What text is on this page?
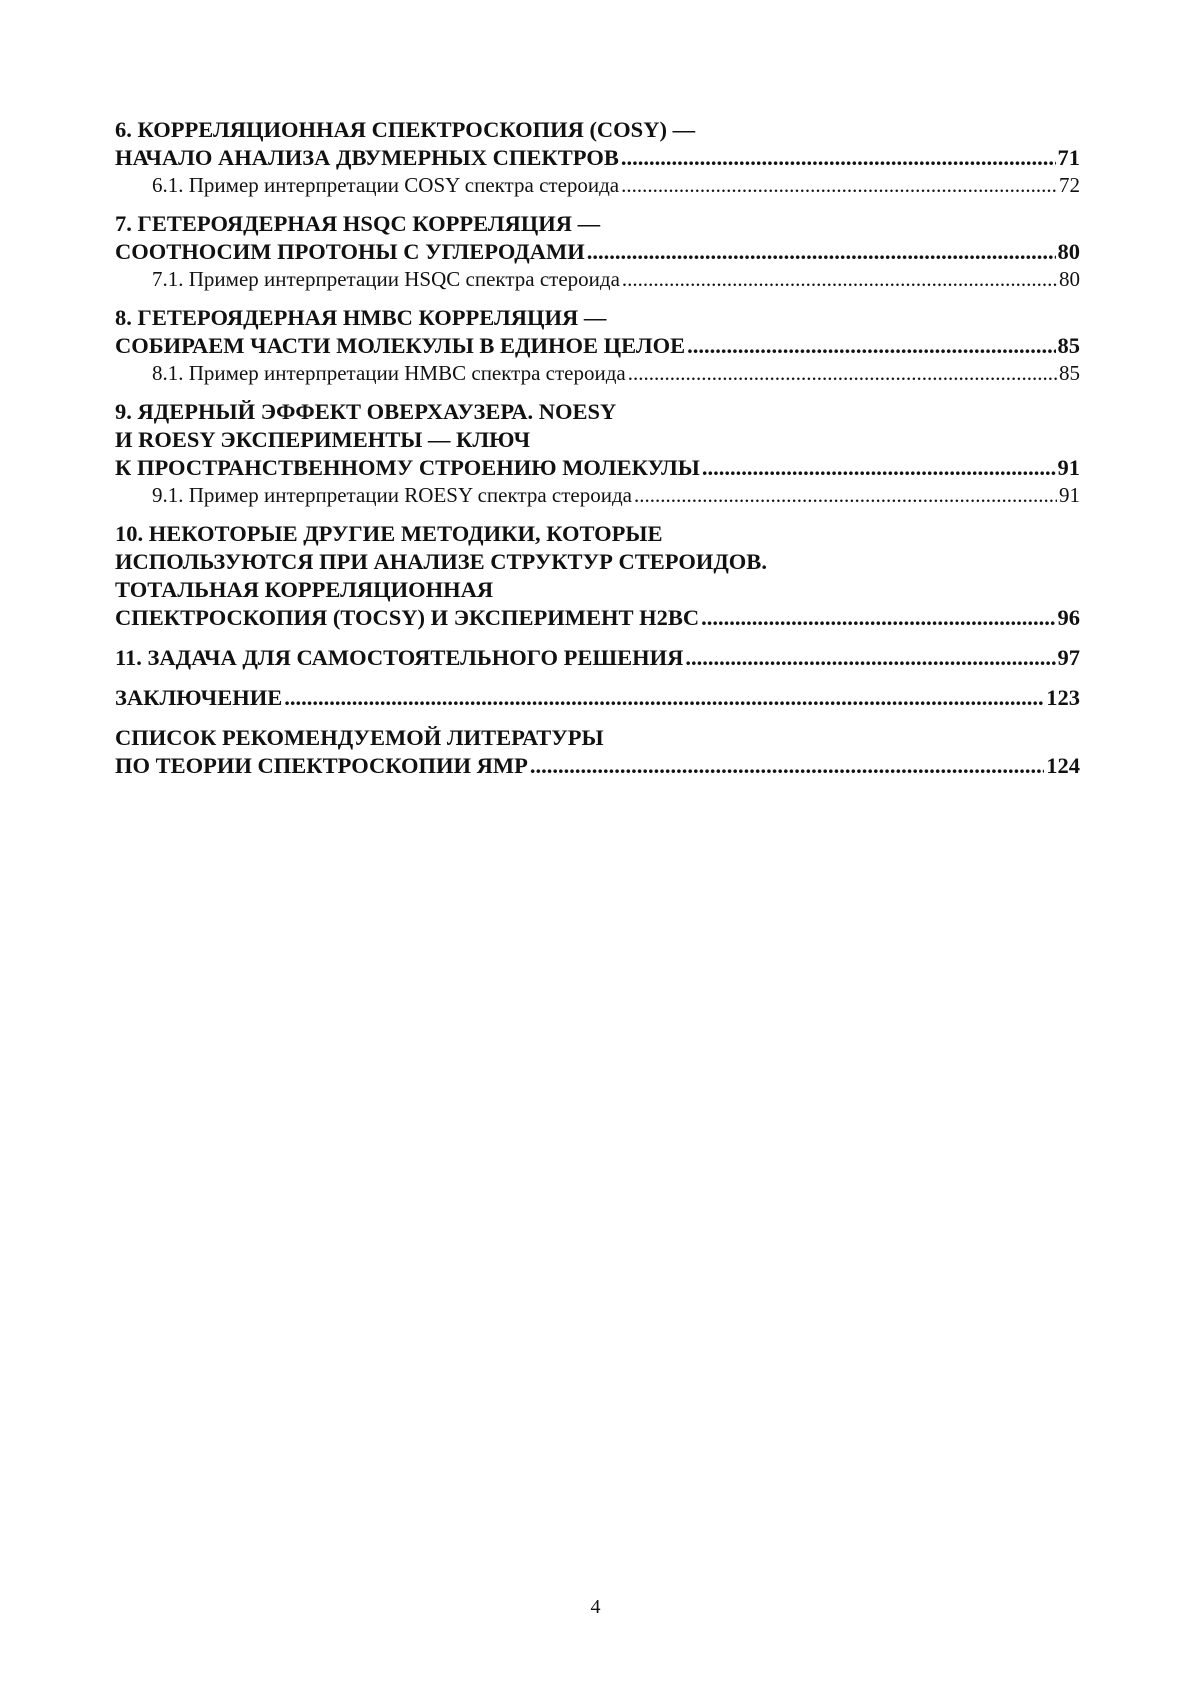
6. КОРРЕЛЯЦИОННАЯ СПЕКТРОСКОПИЯ (COSY) —
НАЧАЛО АНАЛИЗА ДВУМЕРНЫХ СПЕКТРОВ .....	71
6.1. Пример интерпретации COSY спектра стероида .....	72
7. ГЕТЕРОЯДЕРНАЯ HSQC КОРРЕЛЯЦИЯ —
СООТНОСИМ ПРОТОНЫ С УГЛЕРОДАМИ .....	80
7.1. Пример интерпретации HSQC спектра стероида .....	80
8. ГЕТЕРОЯДЕРНАЯ HMBC КОРРЕЛЯЦИЯ —
СОБИРАЕМ ЧАСТИ МОЛЕКУЛЫ В ЕДИНОЕ ЦЕЛОЕ .....	85
8.1. Пример интерпретации HMBC спектра стероида .....	85
9. ЯДЕРНЫЙ ЭФФЕКТ ОВЕРХАУЗЕРА. NOESY
И ROESY ЭКСПЕРИМЕНТЫ — КЛЮЧ
К ПРОСТРАНСТВЕННОМУ СТРОЕНИЮ МОЛЕКУЛЫ .....	91
9.1. Пример интерпретации ROESY спектра стероида .....	91
10. НЕКОТОРЫЕ ДРУГИЕ МЕТОДИКИ, КОТОРЫЕ
ИСПОЛЬЗУЮТСЯ ПРИ АНАЛИЗЕ СТРУКТУР СТЕРОИДОВ.
ТОТАЛЬНАЯ КОРРЕЛЯЦИОННАЯ
СПЕКТРОСКОПИЯ (TOCSY) И ЭКСПЕРИМЕНТ H2BC .....	96
11. ЗАДАЧА ДЛЯ САМОСТОЯТЕЛЬНОГО РЕШЕНИЯ .....	97
ЗАКЛЮЧЕНИЕ .....	123
СПИСОК РЕКОМЕНДУЕМОЙ ЛИТЕРАТУРЫ
ПО ТЕОРИИ СПЕКТРОСКОПИИ ЯМР .....	124
4
